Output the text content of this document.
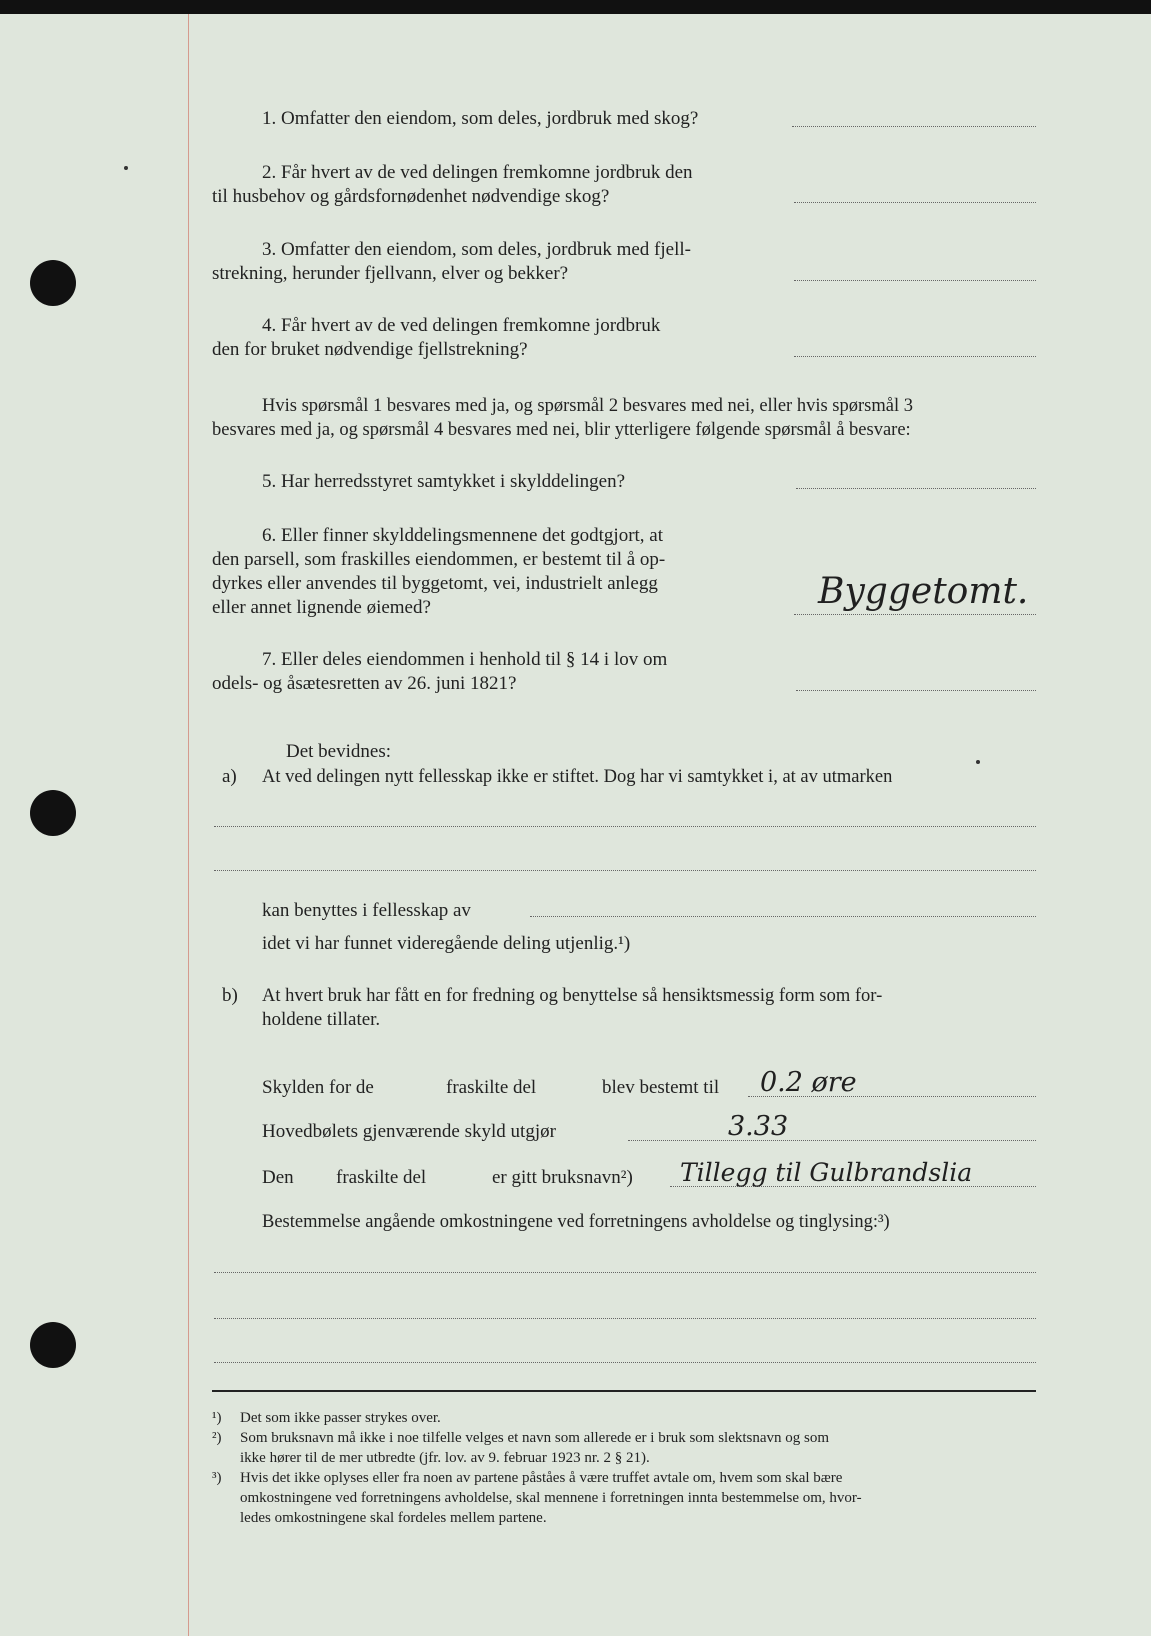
1. Omfatter den eiendom, som deles, jordbruk med skog?
2. Får hvert av de ved delingen fremkomne jordbruk den
til husbehov og gårdsfornødenhet nødvendige skog?
3. Omfatter den eiendom, som deles, jordbruk med fjell-
strekning, herunder fjellvann, elver og bekker?
4. Får hvert av de ved delingen fremkomne jordbruk
den for bruket nødvendige fjellstrekning?
Hvis spørsmål 1 besvares med ja, og spørsmål 2 besvares med nei, eller hvis spørsmål 3
besvares med ja, og spørsmål 4 besvares med nei, blir ytterligere følgende spørsmål å besvare:
5. Har herredsstyret samtykket i skylddelingen?
6. Eller finner skylddelingsmennene det godtgjort, at
den parsell, som fraskilles eiendommen, er bestemt til å op-
dyrkes eller anvendes til byggetomt, vei, industrielt anlegg
eller annet lignende øiemed?	Byggetomt.
7. Eller deles eiendommen i henhold til § 14 i lov om
odels- og åsætesretten av 26. juni 1821?
Det bevidnes:
a) At ved delingen nytt fellesskap ikke er stiftet. Dog har vi samtykket i, at av utmarken
kan benyttes i fellesskap av
idet vi har funnet videregående deling utjenlig.¹)
b) At hvert bruk har fått en for fredning og benyttelse så hensiktsmessig form som for-
holdene tillater.
Skylden for de	fraskilte del	blev bestemt til 0.2 øre
Hovedbølets gjenværende skyld utgjør	3.33
Den fraskilte del	er gitt bruksnavn²) Tillegg til Gulbrandslia
Bestemmelse angående omkostningene ved forretningens avholdelse og tinglysing:³)
¹) Det som ikke passer strykes over.
²) Som bruksnavn må ikke i noe tilfelle velges et navn som allerede er i bruk som slektsnavn og som
ikke hører til de mer utbredte (jfr. lov. av 9. februar 1923 nr. 2 § 21).
³) Hvis det ikke oplyses eller fra noen av partene påståes å være truffet avtale om, hvem som skal bære
omkostningene ved forretningens avholdelse, skal mennene i forretningen innta bestemmelse om, hvor-
ledes omkostningene skal fordeles mellem partene.
